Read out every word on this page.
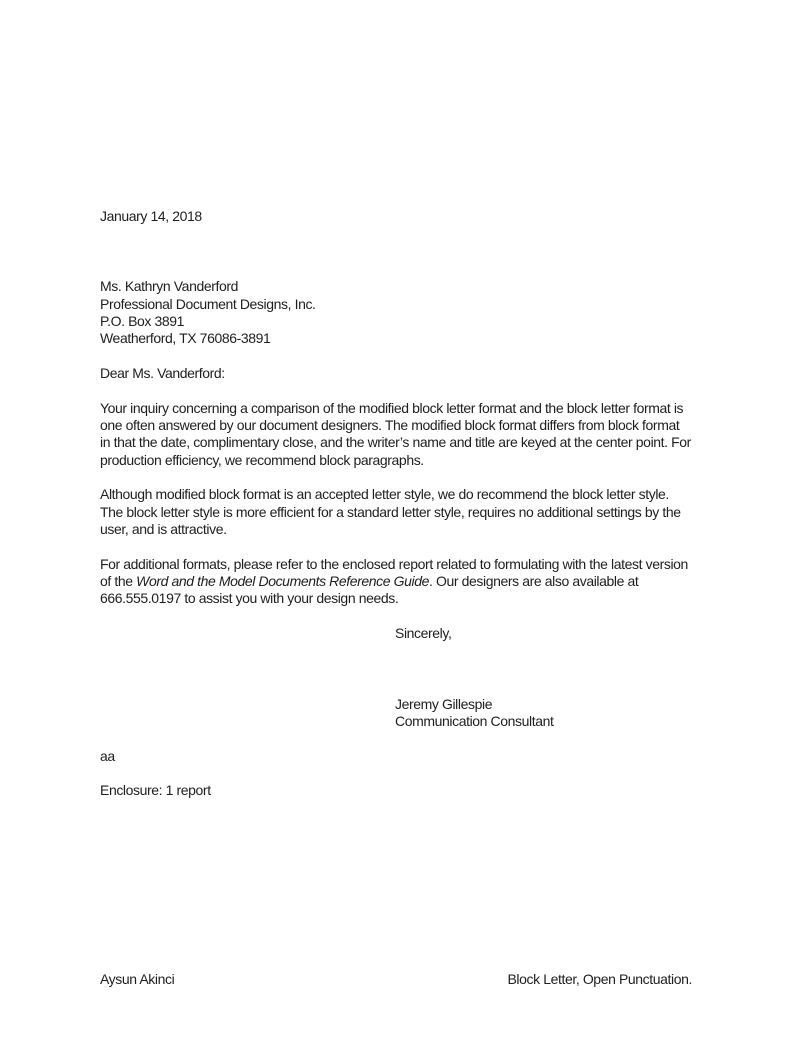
January 14, 2018

Ms. Kathryn Vanderford

Professional Document Designs, Inc.

P.O. Box 3891

Weatherford, TX 76086-3891

Dear Ms. Vanderford:

Your inquiry concerning a comparison of the modified block letter format and the block letter format is one often answered by our document designers. The modified block format differs from block format in that the date, complimentary close, and the writer’s name and title are keyed at the center point. For production efficiency, we recommend block paragraphs.

Although modified block format is an accepted letter style, we do recommend the block letter style. The block letter style is more efficient for a standard letter style, requires no additional settings by the user, and is attractive.

For additional formats, please refer to the enclosed report related to formulating with the latest version of the Word and the Model Documents Reference Guide. Our designers are also available at 666.555.0197 to assist you with your design needs.

Sincerely,

Jeremy Gillespie

Communication Consultant

aa

Enclosure: 1 report

Aysun Akinci	Block Letter, Open Punctuation.
